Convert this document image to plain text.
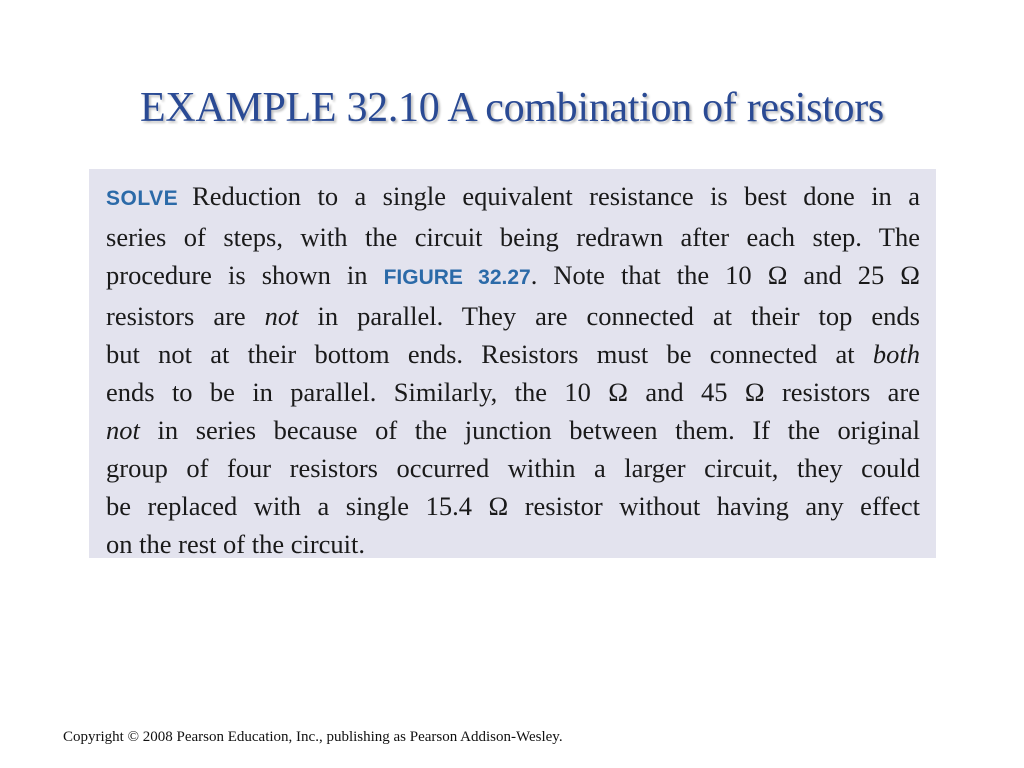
EXAMPLE 32.10 A combination of resistors

SOLVE Reduction to a single equivalent resistance is best done in a
series of steps, with the circuit being redrawn after each step. The
procedure is shown in FIGURE 32.27. Note that the 10 Ω and 25 Ω
resistors are not in parallel. They are connected at their top ends
but not at their bottom ends. Resistors must be connected at both
ends to be in parallel. Similarly, the 10 Ω and 45 Ω resistors are
not in series because of the junction between them. If the original
group of four resistors occurred within a larger circuit, they could
be replaced with a single 15.4 Ω resistor without having any effect
on the rest of the circuit.

Copyright © 2008 Pearson Education, Inc., publishing as Pearson Addison-Wesley.
